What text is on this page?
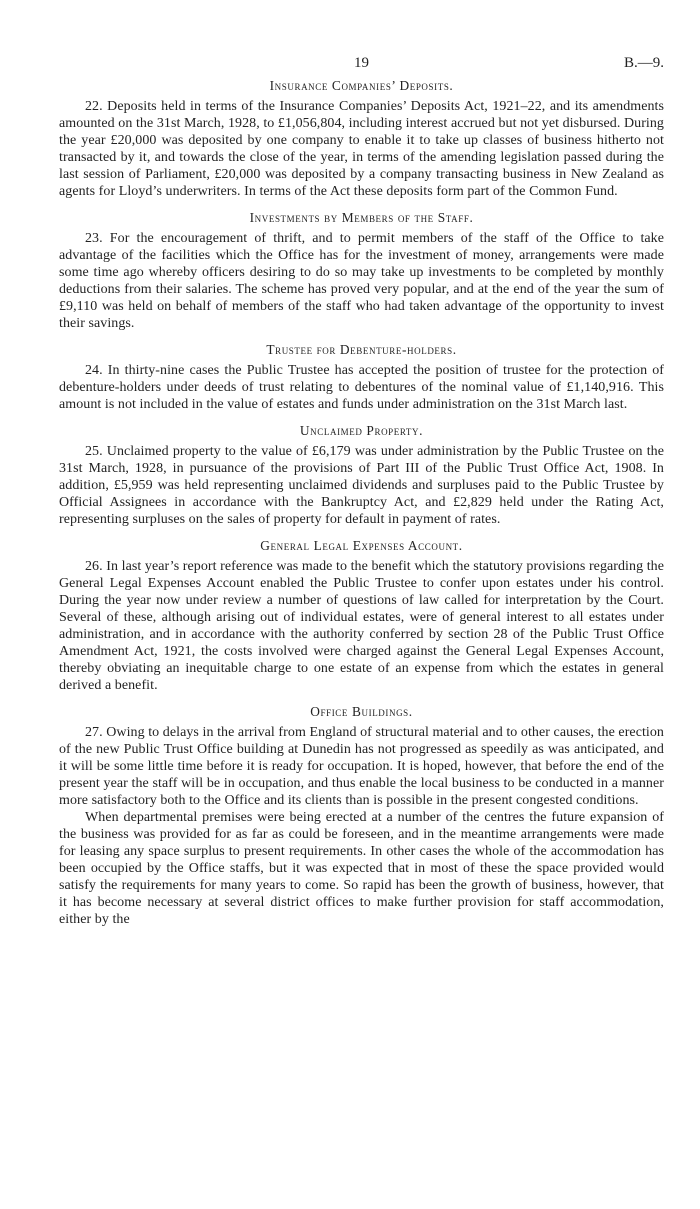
19	B.—9.
Insurance Companies’ Deposits.

22. Deposits held in terms of the Insurance Companies’ Deposits Act, 1921–22, and its amendments amounted on the 31st March, 1928, to £1,056,804, including interest accrued but not yet disbursed. During the year £20,000 was deposited by one company to enable it to take up classes of business hitherto not transacted by it, and towards the close of the year, in terms of the amending legislation passed during the last session of Parliament, £20,000 was deposited by a company transacting business in New Zealand as agents for Lloyd’s underwriters. In terms of the Act these deposits form part of the Common Fund.

Investments by Members of the Staff.

23. For the encouragement of thrift, and to permit members of the staff of the Office to take advantage of the facilities which the Office has for the investment of money, arrangements were made some time ago whereby officers desiring to do so may take up investments to be completed by monthly deductions from their salaries. The scheme has proved very popular, and at the end of the year the sum of £9,110 was held on behalf of members of the staff who had taken advantage of the opportunity to invest their savings.

Trustee for Debenture-holders.

24. In thirty-nine cases the Public Trustee has accepted the position of trustee for the protection of debenture-holders under deeds of trust relating to debentures of the nominal value of £1,140,916. This amount is not included in the value of estates and funds under administration on the 31st March last.

Unclaimed Property.

25. Unclaimed property to the value of £6,179 was under administration by the Public Trustee on the 31st March, 1928, in pursuance of the provisions of Part III of the Public Trust Office Act, 1908. In addition, £5,959 was held representing unclaimed dividends and surpluses paid to the Public Trustee by Official Assignees in accordance with the Bankruptcy Act, and £2,829 held under the Rating Act, representing surpluses on the sales of property for default in payment of rates.

General Legal Expenses Account.

26. In last year’s report reference was made to the benefit which the statutory provisions regarding the General Legal Expenses Account enabled the Public Trustee to confer upon estates under his control. During the year now under review a number of questions of law called for interpretation by the Court. Several of these, although arising out of individual estates, were of general interest to all estates under administration, and in accordance with the authority conferred by section 28 of the Public Trust Office Amendment Act, 1921, the costs involved were charged against the General Legal Expenses Account, thereby obviating an inequitable charge to one estate of an expense from which the estates in general derived a benefit.

Office Buildings.

27. Owing to delays in the arrival from England of structural material and to other causes, the erection of the new Public Trust Office building at Dunedin has not progressed as speedily as was anticipated, and it will be some little time before it is ready for occupation. It is hoped, however, that before the end of the present year the staff will be in occupation, and thus enable the local business to be conducted in a manner more satisfactory both to the Office and its clients than is possible in the present congested conditions.

When departmental premises were being erected at a number of the centres the future expansion of the business was provided for as far as could be foreseen, and in the meantime arrangements were made for leasing any space surplus to present requirements. In other cases the whole of the accommodation has been occupied by the Office staffs, but it was expected that in most of these the space provided would satisfy the requirements for many years to come. So rapid has been the growth of business, however, that it has become necessary at several district offices to make further provision for staff accommodation, either by the
